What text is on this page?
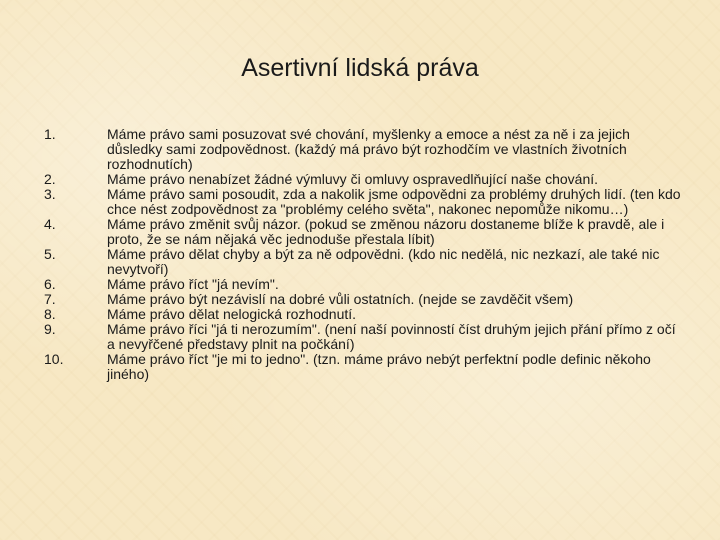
Asertivní lidská práva
1.	Máme právo sami posuzovat své chování, myšlenky a emoce a nést za ně i za jejich důsledky sami zodpovědnost. (každý má právo být rozhodčím ve vlastních životních rozhodnutích)
2.	Máme právo nenabízet žádné výmluvy či omluvy ospravedlňující naše chování.
3.	Máme právo sami posoudit, zda a nakolik jsme odpovědni za problémy druhých lidí. (ten kdo chce nést zodpovědnost za "problémy celého světa", nakonec nepomůže nikomu…)
4.	Máme právo změnit svůj názor. (pokud se změnou názoru dostaneme blíže k pravdě, ale i proto, že se nám nějaká věc jednoduše přestala líbit)
5.	Máme právo dělat chyby a být za ně odpovědni. (kdo nic nedělá, nic nezkazí, ale také nic nevytvoří)
6.	Máme právo říct "já nevím".
7.	Máme právo být nezávislí na dobré vůli ostatních. (nejde se zavděčit všem)
8.	Máme právo dělat nelogická rozhodnutí.
9.	Máme právo říci "já ti nerozumím". (není naší povinností číst druhým jejich přání přímo z očí a nevyřčené představy plnit na počkání)
10.	Máme právo říct "je mi to jedno". (tzn. máme právo nebýt perfektní podle definic někoho jiného)
